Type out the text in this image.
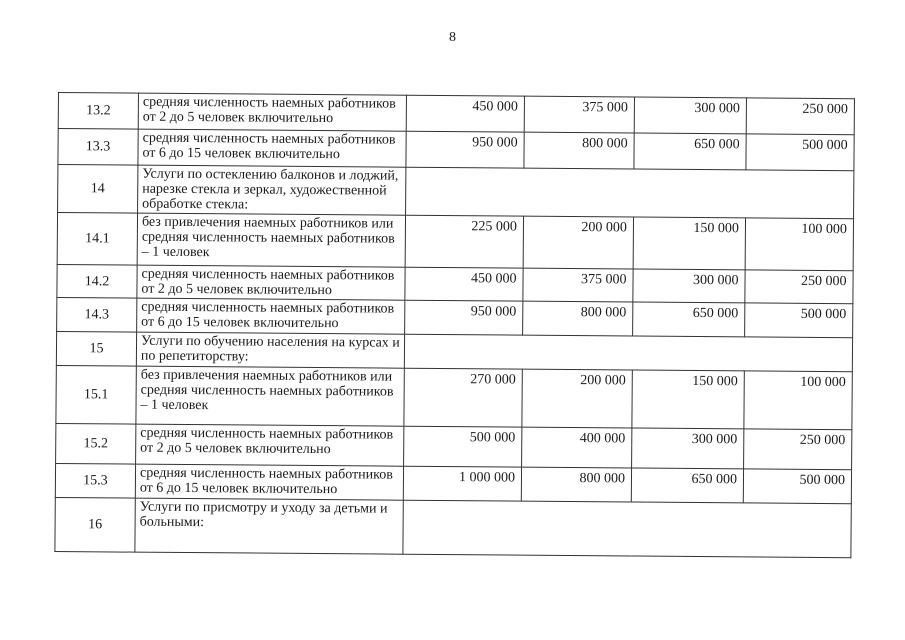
8
13.2	средняя численность наемных работников от 2 до 5 человек включительно	450 000	375 000	300 000	250 000
13.3	средняя численность наемных работников от 6 до 15 человек включительно	950 000	800 000	650 000	500 000
14	Услуги по остеклению балконов и лоджий, нарезке стекла и зеркал, художественной обработке стекла:				
14.1	без привлечения наемных работников или средняя численность наемных работников – 1 человек	225 000	200 000	150 000	100 000
14.2	средняя численность наемных работников от 2 до 5 человек включительно	450 000	375 000	300 000	250 000
14.3	средняя численность наемных работников от 6 до 15 человек включительно	950 000	800 000	650 000	500 000
15	Услуги по обучению населения на курсах и по репетиторству:				
15.1	без привлечения наемных работников или средняя численность наемных работников – 1 человек	270 000	200 000	150 000	100 000
15.2	средняя численность наемных работников от 2 до 5 человек включительно	500 000	400 000	300 000	250 000
15.3	средняя численность наемных работников от 6 до 15 человек включительно	1 000 000	800 000	650 000	500 000
16	Услуги по присмотру и уходу за детьми и больными:				
